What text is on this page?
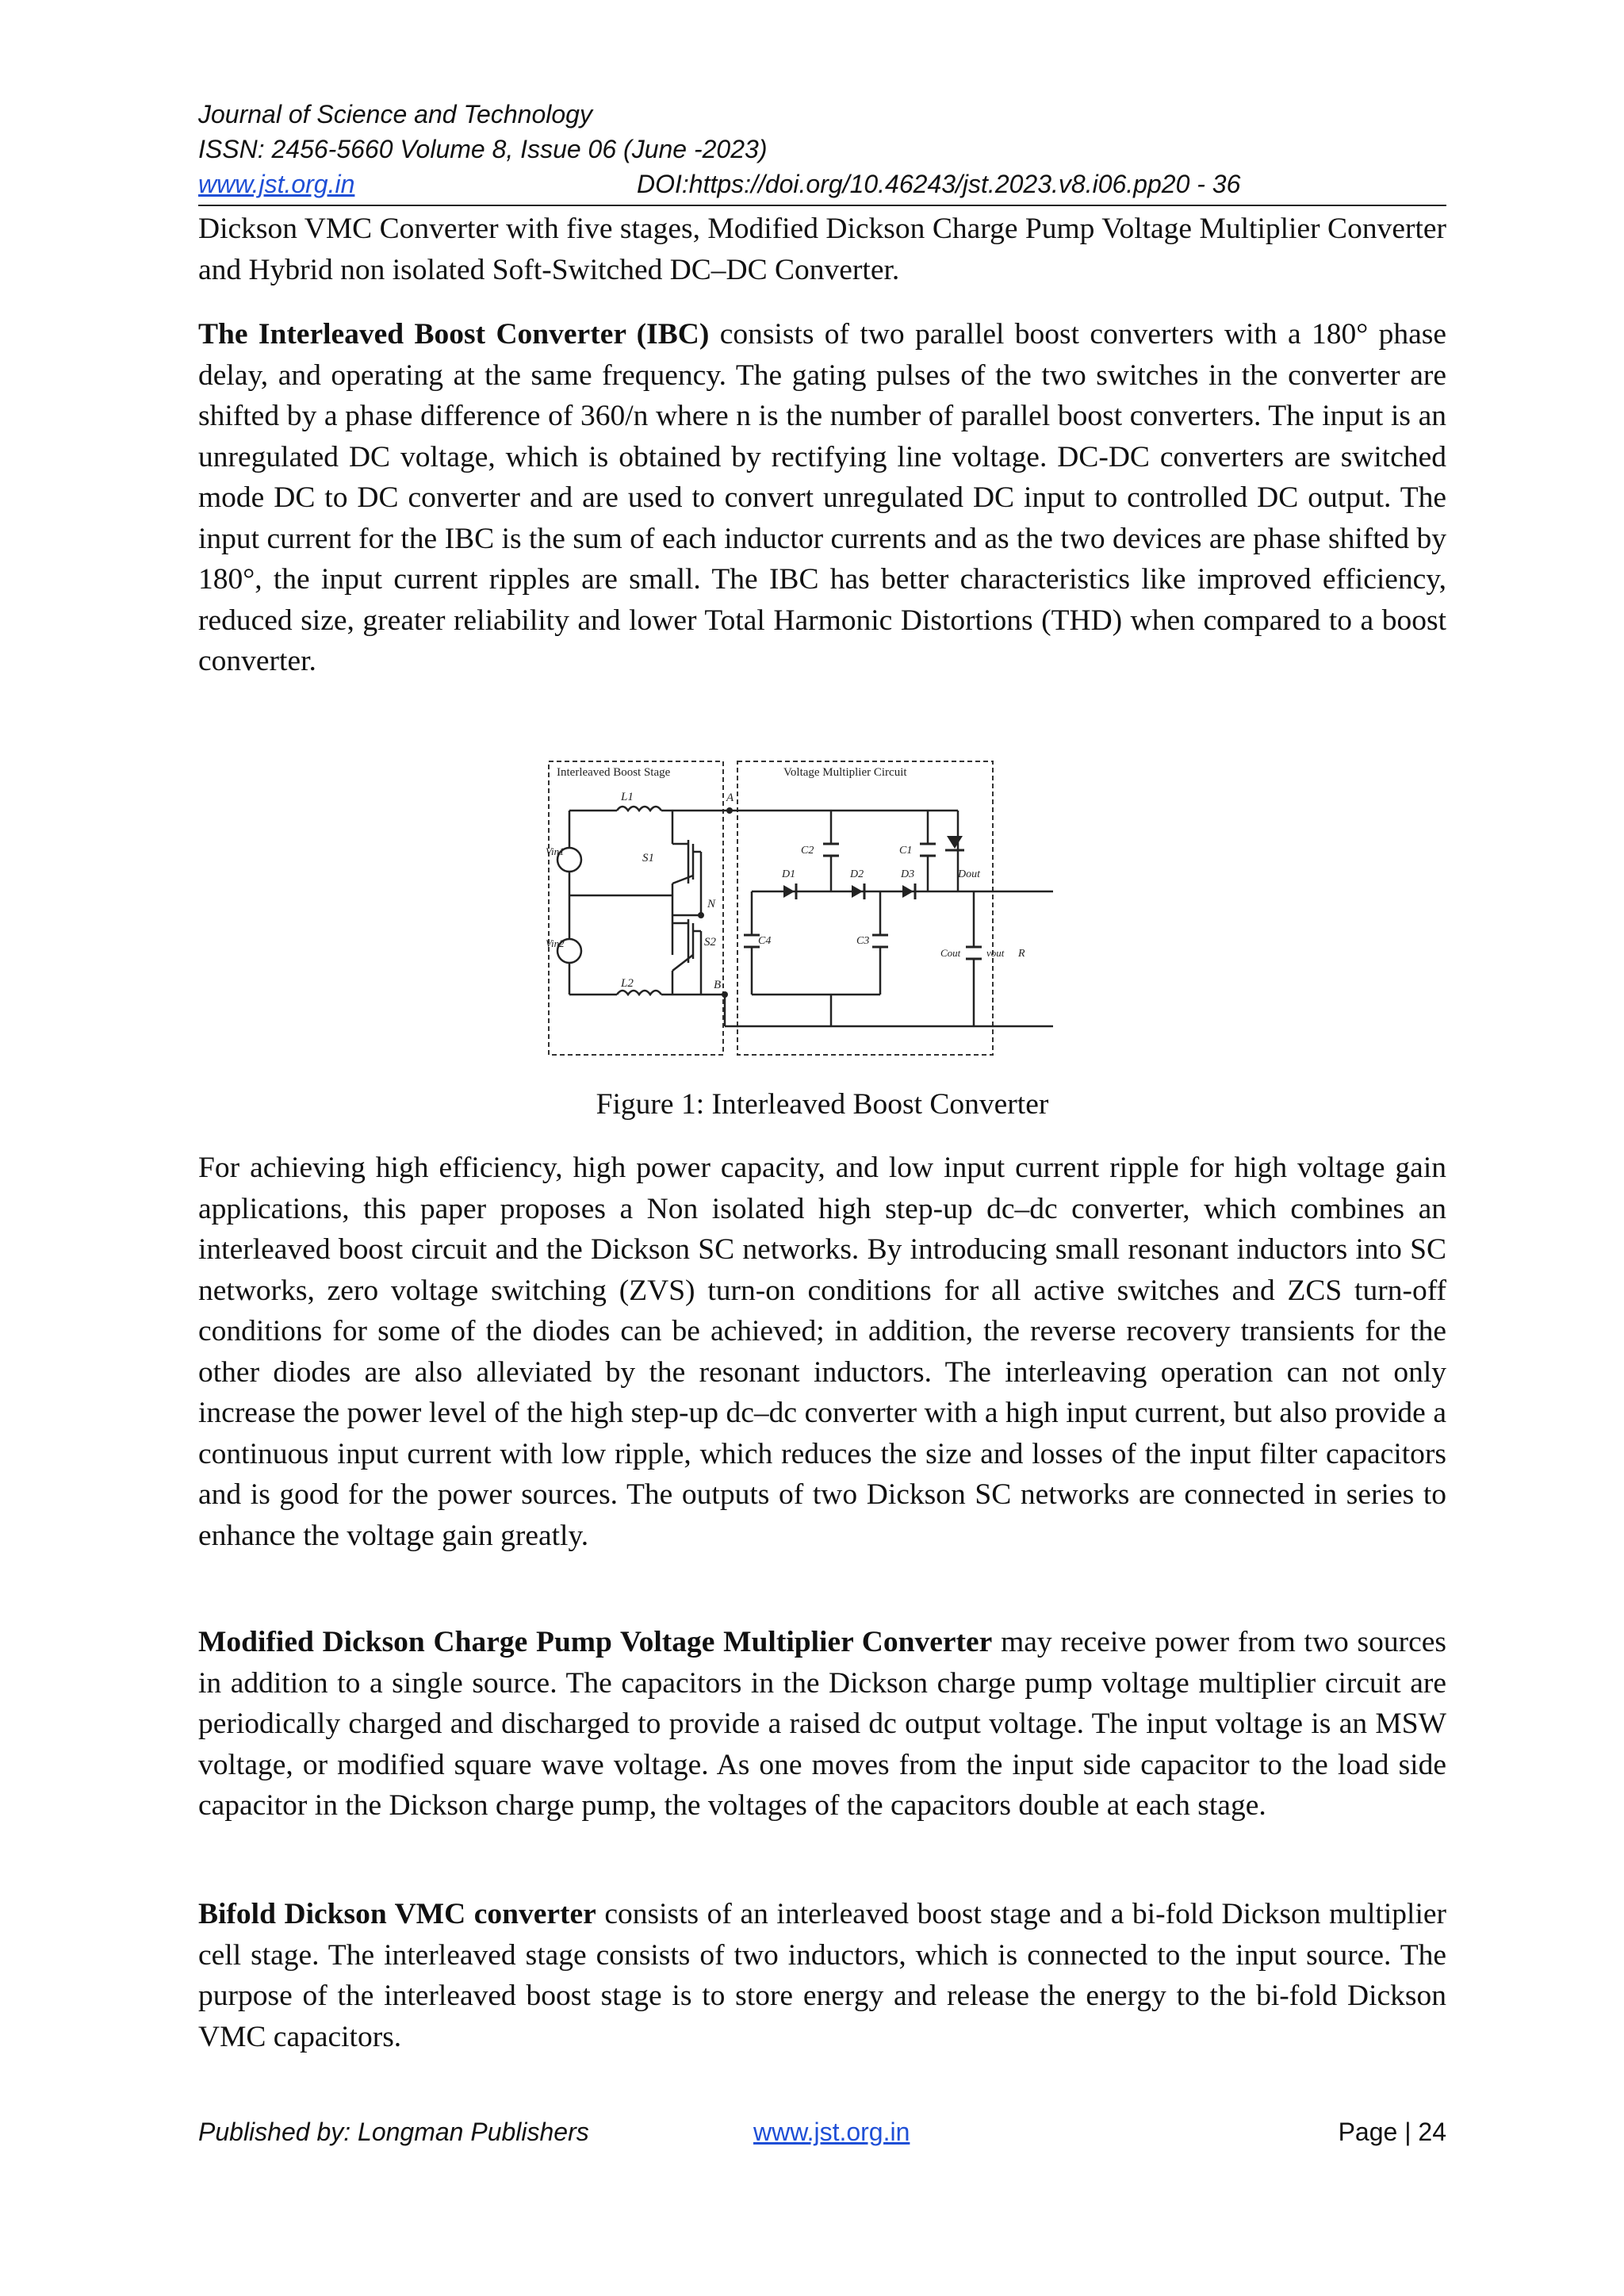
Journal of Science and Technology
ISSN: 2456-5660 Volume 8, Issue 06 (June -2023)
www.jst.org.in	DOI:https://doi.org/10.46243/jst.2023.v8.i06.pp20 - 36

Dickson VMC Converter with five stages, Modified Dickson Charge Pump Voltage Multiplier Converter and Hybrid non isolated Soft-Switched DC–DC Converter.

The Interleaved Boost Converter (IBC) consists of two parallel boost converters with a 180° phase delay, and operating at the same frequency. The gating pulses of the two switches in the converter are shifted by a phase difference of 360/n where n is the number of parallel boost converters. The input is an unregulated DC voltage, which is obtained by rectifying line voltage. DC-DC converters are switched mode DC to DC converter and are used to convert unregulated DC input to controlled DC output. The input current for the IBC is the sum of each inductor currents and as the two devices are phase shifted by 180°, the input current ripples are small. The IBC has better characteristics like improved efficiency, reduced size, greater reliability and lower Total Harmonic Distortions (THD) when compared to a boost converter.

Interleaved Boost Stage	Voltage Multiplier Circuit
L1
L2
S1
S2
Vin1
Vin2
A
B
N
C2	C1
C4	C3
D1	D2	D3	Dout
Cout	vout R
Figure 1: Interleaved Boost Converter

For achieving high efficiency, high power capacity, and low input current ripple for high voltage gain applications, this paper proposes a Non isolated high step-up dc–dc converter, which combines an interleaved boost circuit and the Dickson SC networks. By introducing small resonant inductors into SC networks, zero voltage switching (ZVS) turn-on conditions for all active switches and ZCS turn-off conditions for some of the diodes can be achieved; in addition, the reverse recovery transients for the other diodes are also alleviated by the resonant inductors. The interleaving operation can not only increase the power level of the high step-up dc–dc converter with a high input current, but also provide a continuous input current with low ripple, which reduces the size and losses of the input filter capacitors and is good for the power sources. The outputs of two Dickson SC networks are connected in series to enhance the voltage gain greatly.

Modified Dickson Charge Pump Voltage Multiplier Converter may receive power from two sources in addition to a single source. The capacitors in the Dickson charge pump voltage multiplier circuit are periodically charged and discharged to provide a raised dc output voltage. The input voltage is an MSW voltage, or modified square wave voltage. As one moves from the input side capacitor to the load side capacitor in the Dickson charge pump, the voltages of the capacitors double at each stage.

Bifold Dickson VMC converter consists of an interleaved boost stage and a bi-fold Dickson multiplier cell stage. The interleaved stage consists of two inductors, which is connected to the input source. The purpose of the interleaved boost stage is to store energy and release the energy to the bi-fold Dickson VMC capacitors.

Published by: Longman Publishers	www.jst.org.in	Page | 24
